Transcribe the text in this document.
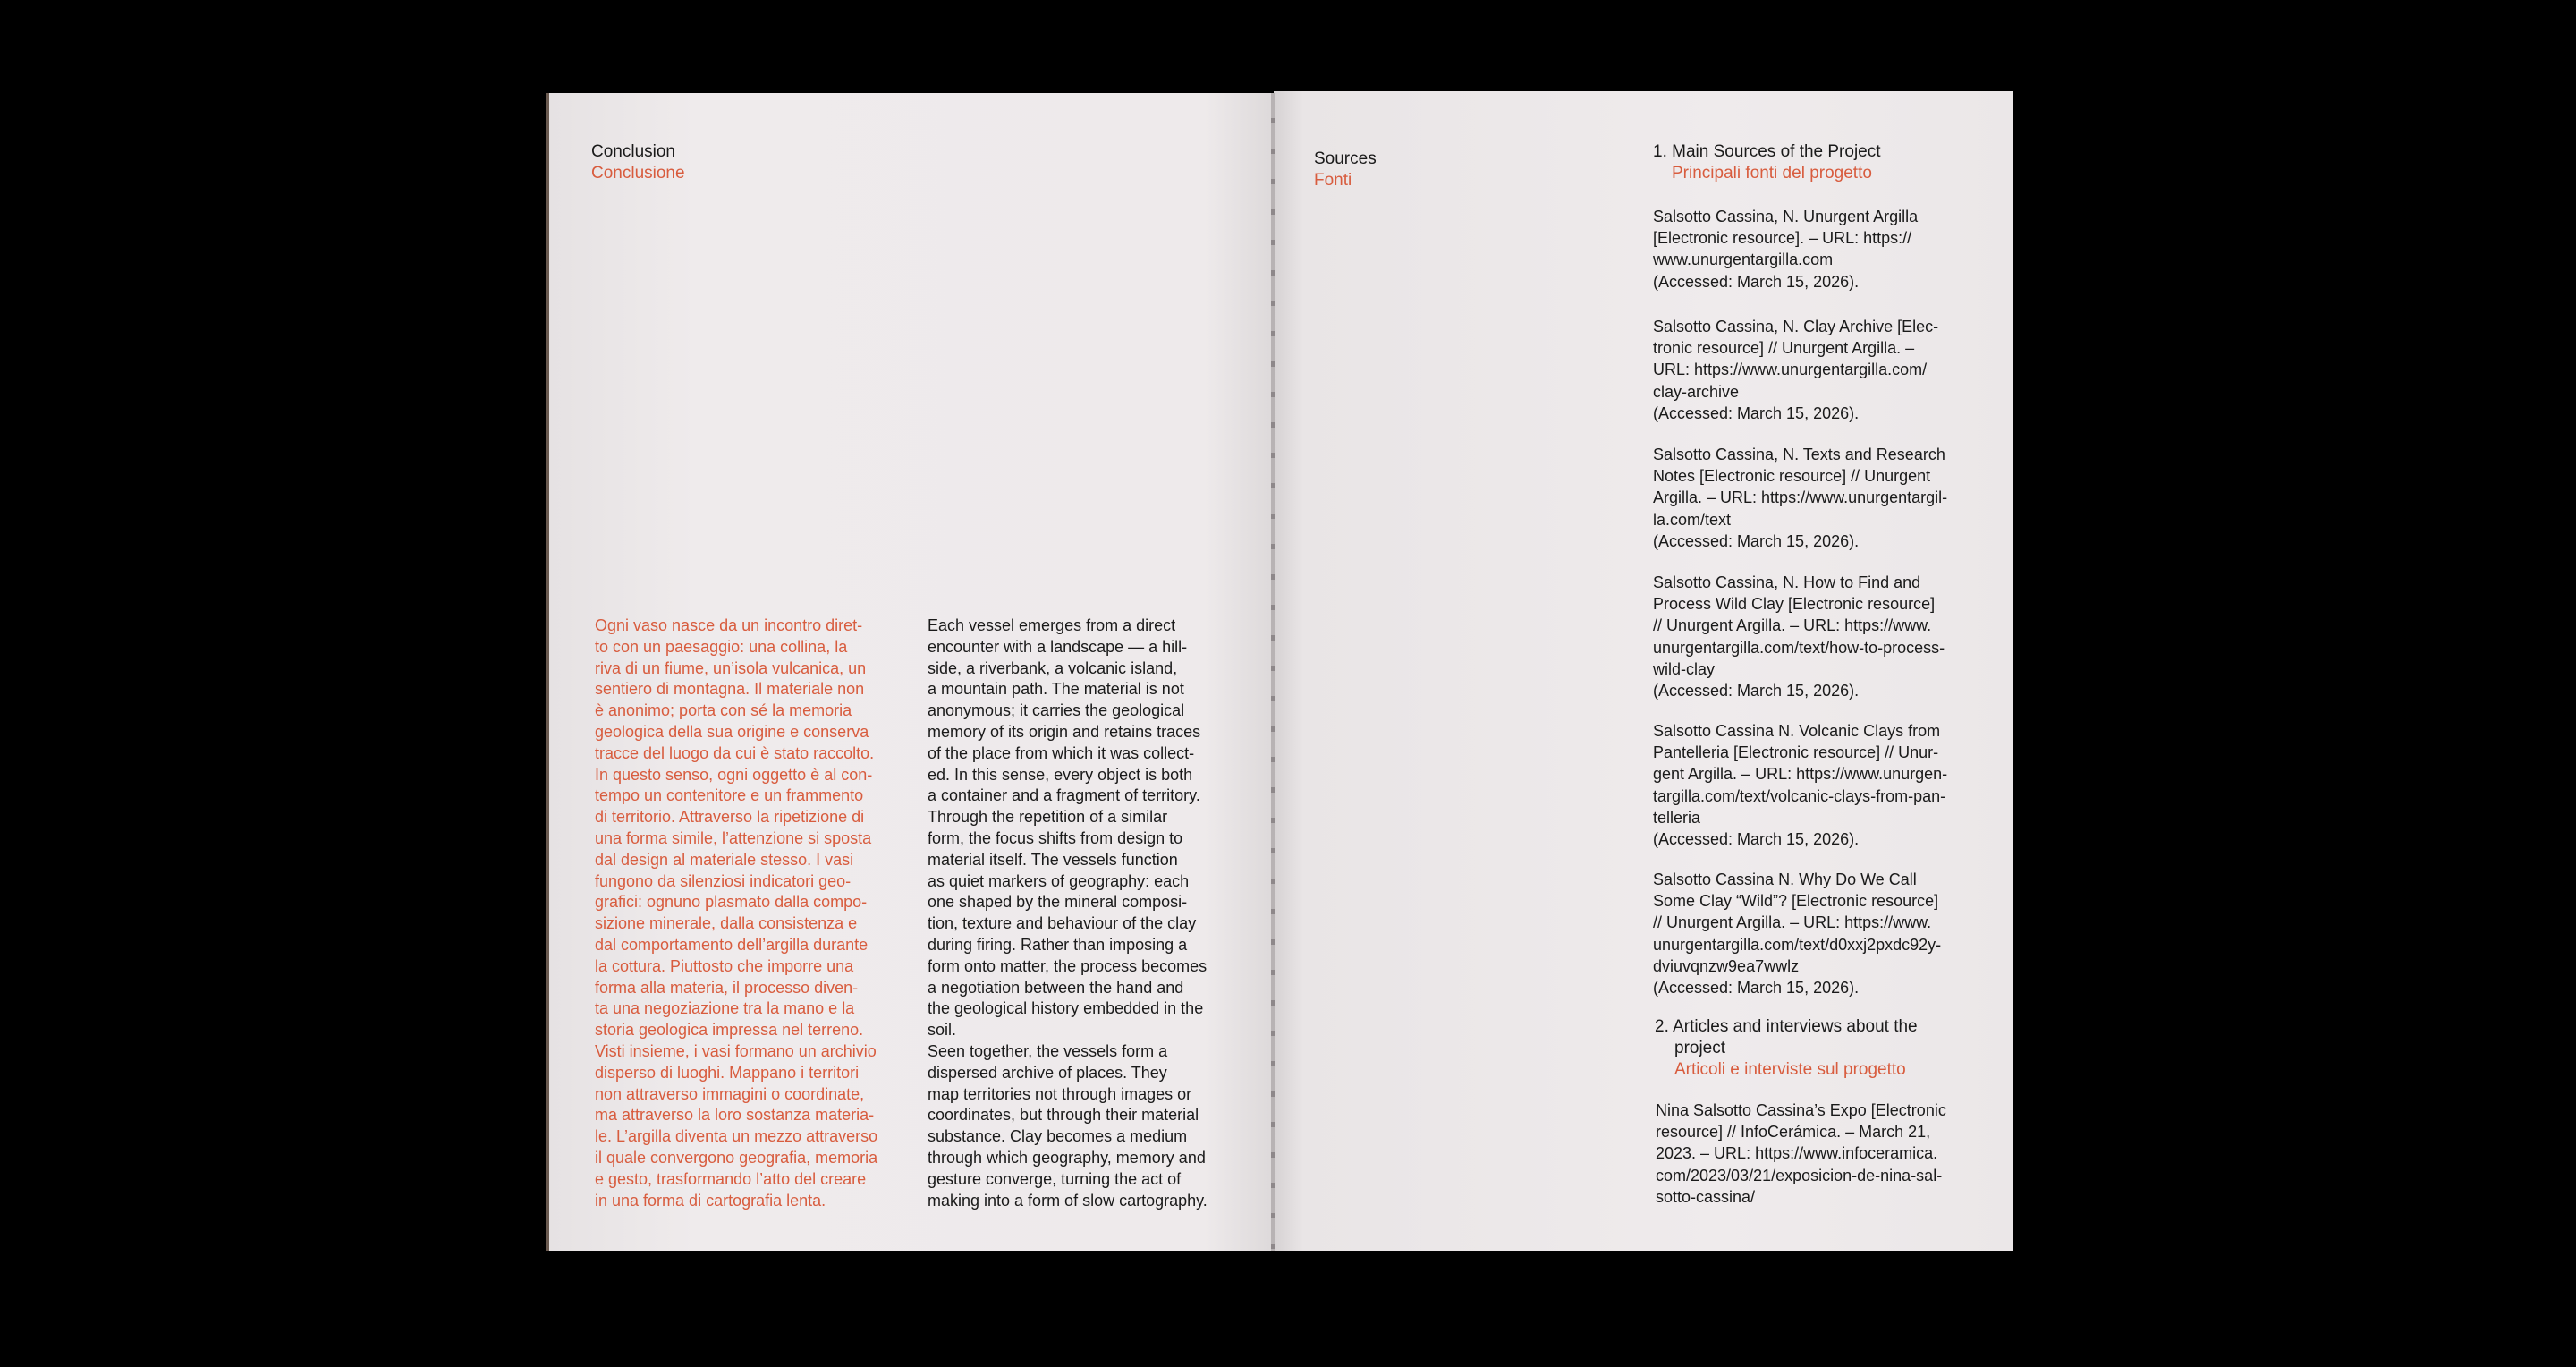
Conclusion
Conclusione
Ogni vaso nasce da un incontro diret-
to con un paesaggio: una collina, la
riva di un fiume, un’isola vulcanica, un
sentiero di montagna. Il materiale non
è anonimo; porta con sé la memoria
geologica della sua origine e conserva
tracce del luogo da cui è stato raccolto.
In questo senso, ogni oggetto è al con-
tempo un contenitore e un frammento
di territorio. Attraverso la ripetizione di
una forma simile, l’attenzione si sposta
dal design al materiale stesso. I vasi
fungono da silenziosi indicatori geo-
grafici: ognuno plasmato dalla compo-
sizione minerale, dalla consistenza e
dal comportamento dell’argilla durante
la cottura. Piuttosto che imporre una
forma alla materia, il processo diven-
ta una negoziazione tra la mano e la
storia geologica impressa nel terreno.
Visti insieme, i vasi formano un archivio
disperso di luoghi. Mappano i territori
non attraverso immagini o coordinate,
ma attraverso la loro sostanza materia-
le. L’argilla diventa un mezzo attraverso
il quale convergono geografia, memoria
e gesto, trasformando l’atto del creare
in una forma di cartografia lenta.
Each vessel emerges from a direct
encounter with a landscape — a hill-
side, a riverbank, a volcanic island,
a mountain path. The material is not
anonymous; it carries the geological
memory of its origin and retains traces
of the place from which it was collect-
ed. In this sense, every object is both
a container and a fragment of territory.
Through the repetition of a similar
form, the focus shifts from design to
material itself. The vessels function
as quiet markers of geography: each
one shaped by the mineral composi-
tion, texture and behaviour of the clay
during firing. Rather than imposing a
form onto matter, the process becomes
a negotiation between the hand and
the geological history embedded in the
soil.
Seen together, the vessels form a
dispersed archive of places. They
map territories not through images or
coordinates, but through their material
substance. Clay becomes a medium
through which geography, memory and
gesture converge, turning the act of
making into a form of slow cartography.
Sources
Fonti
1. Main Sources of the Project
Principali fonti del progetto
Salsotto Cassina, N. Unurgent Argilla
[Electronic resource]. – URL: https://
www.unurgentargilla.com
(Accessed: March 15, 2026).
Salsotto Cassina, N. Clay Archive [Elec-
tronic resource] // Unurgent Argilla. –
URL: https://www.unurgentargilla.com/
clay-archive
(Accessed: March 15, 2026).
Salsotto Cassina, N. Texts and Research
Notes [Electronic resource] // Unurgent
Argilla. – URL: https://www.unurgentargil-
la.com/text
(Accessed: March 15, 2026).
Salsotto Cassina, N. How to Find and
Process Wild Clay [Electronic resource]
// Unurgent Argilla. – URL: https://www.
unurgentargilla.com/text/how-to-process-
wild-clay
(Accessed: March 15, 2026).
Salsotto Cassina N. Volcanic Clays from
Pantelleria [Electronic resource] // Unur-
gent Argilla. – URL: https://www.unurgen-
targilla.com/text/volcanic-clays-from-pan-
telleria
(Accessed: March 15, 2026).
Salsotto Cassina N. Why Do We Call
Some Clay “Wild”? [Electronic resource]
// Unurgent Argilla. – URL: https://www.
unurgentargilla.com/text/d0xxj2pxdc92y-
dviuvqnzw9ea7wwlz
(Accessed: March 15, 2026).
2. Articles and interviews about the
project
Articoli e interviste sul progetto
Nina Salsotto Cassina’s Expo [Electronic
resource] // InfoCerámica. – March 21,
2023. – URL: https://www.infoceramica.
com/2023/03/21/exposicion-de-nina-sal-
sotto-cassina/
